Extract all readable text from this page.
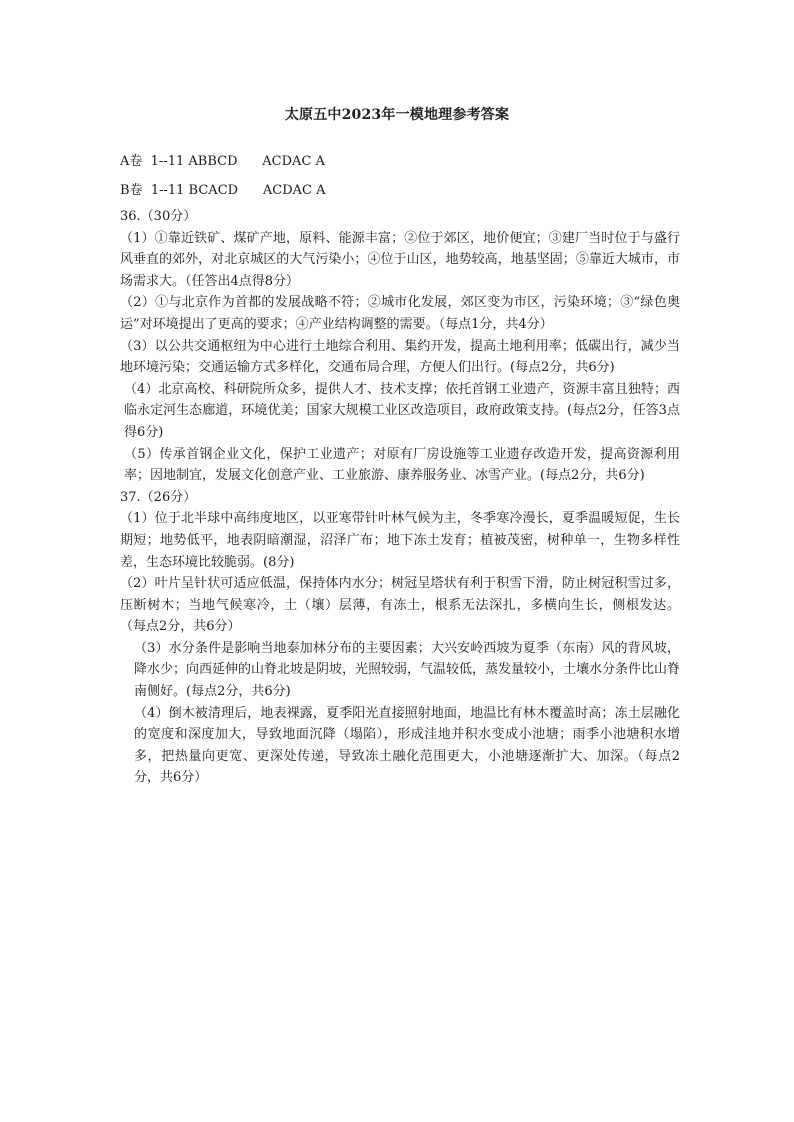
太原五中2023年一模地理参考答案
A卷 1--11 ABBCD ACDAC A
B卷 1--11 BCACD ACDAC A

36.（30分）

（1）①靠近铁矿、煤矿产地，原料、能源丰富；②位于郊区，地价便宜；③建厂当时位于与盛行风垂直的郊外，对北京城区的大气污染小；④位于山区，地势较高，地基坚固；⑤靠近大城市，市场需求大。（任答出4点得8分）

（2）①与北京作为首都的发展战略不符；②城市化发展，郊区变为市区，污染环境；③“绿色奥运”对环境提出了更高的要求；④产业结构调整的需要。（每点1分，共4分）

（3）以公共交通枢纽为中心进行土地综合利用、集约开发，提高土地利用率；低碳出行，减少当地环境污染；交通运输方式多样化，交通布局合理，方便人们出行。(每点2分，共6分)

（4）北京高校、科研院所众多，提供人才、技术支撑；依托首钢工业遗产，资源丰富且独特；西临永定河生态廊道，环境优美；国家大规模工业区改造项目，政府政策支持。(每点2分，任答3点得6分)

（5）传承首钢企业文化，保护工业遗产；对原有厂房设施等工业遗存改造开发，提高资源利用率；因地制宜，发展文化创意产业、工业旅游、康养服务业、冰雪产业。(每点2分，共6分)

37.（26分）

（1）位于北半球中高纬度地区，以亚寒带针叶林气候为主，冬季寒冷漫长，夏季温暖短促，生长期短；地势低平，地表阴暗潮湿，沼泽广布；地下冻土发育；植被茂密，树种单一，生物多样性差，生态环境比较脆弱。(8分)

（2）叶片呈针状可适应低温，保持体内水分；树冠呈塔状有利于积雪下滑，防止树冠积雪过多，压断树木；当地气候寒冷，土（壤）层薄，有冻土，根系无法深扎，多横向生长，侧根发达。 （每点2分，共6分）

（3）水分条件是影响当地泰加林分布的主要因素；大兴安岭西坡为夏季（东南）风的背风坡，降水少；向西延伸的山脊北坡是阴坡，光照较弱，气温较低，蒸发量较小，土壤水分条件比山脊南侧好。(每点2分，共6分)

（4）倒木被清理后，地表裸露，夏季阳光直接照射地面，地温比有林木覆盖时高；冻土层融化的宽度和深度加大，导致地面沉降（塌陷），形成洼地并积水变成小池塘；雨季小池塘积水增多，把热量向更宽、更深处传递，导致冻土融化范围更大，小池塘逐渐扩大、加深。（每点2分，共6分）
